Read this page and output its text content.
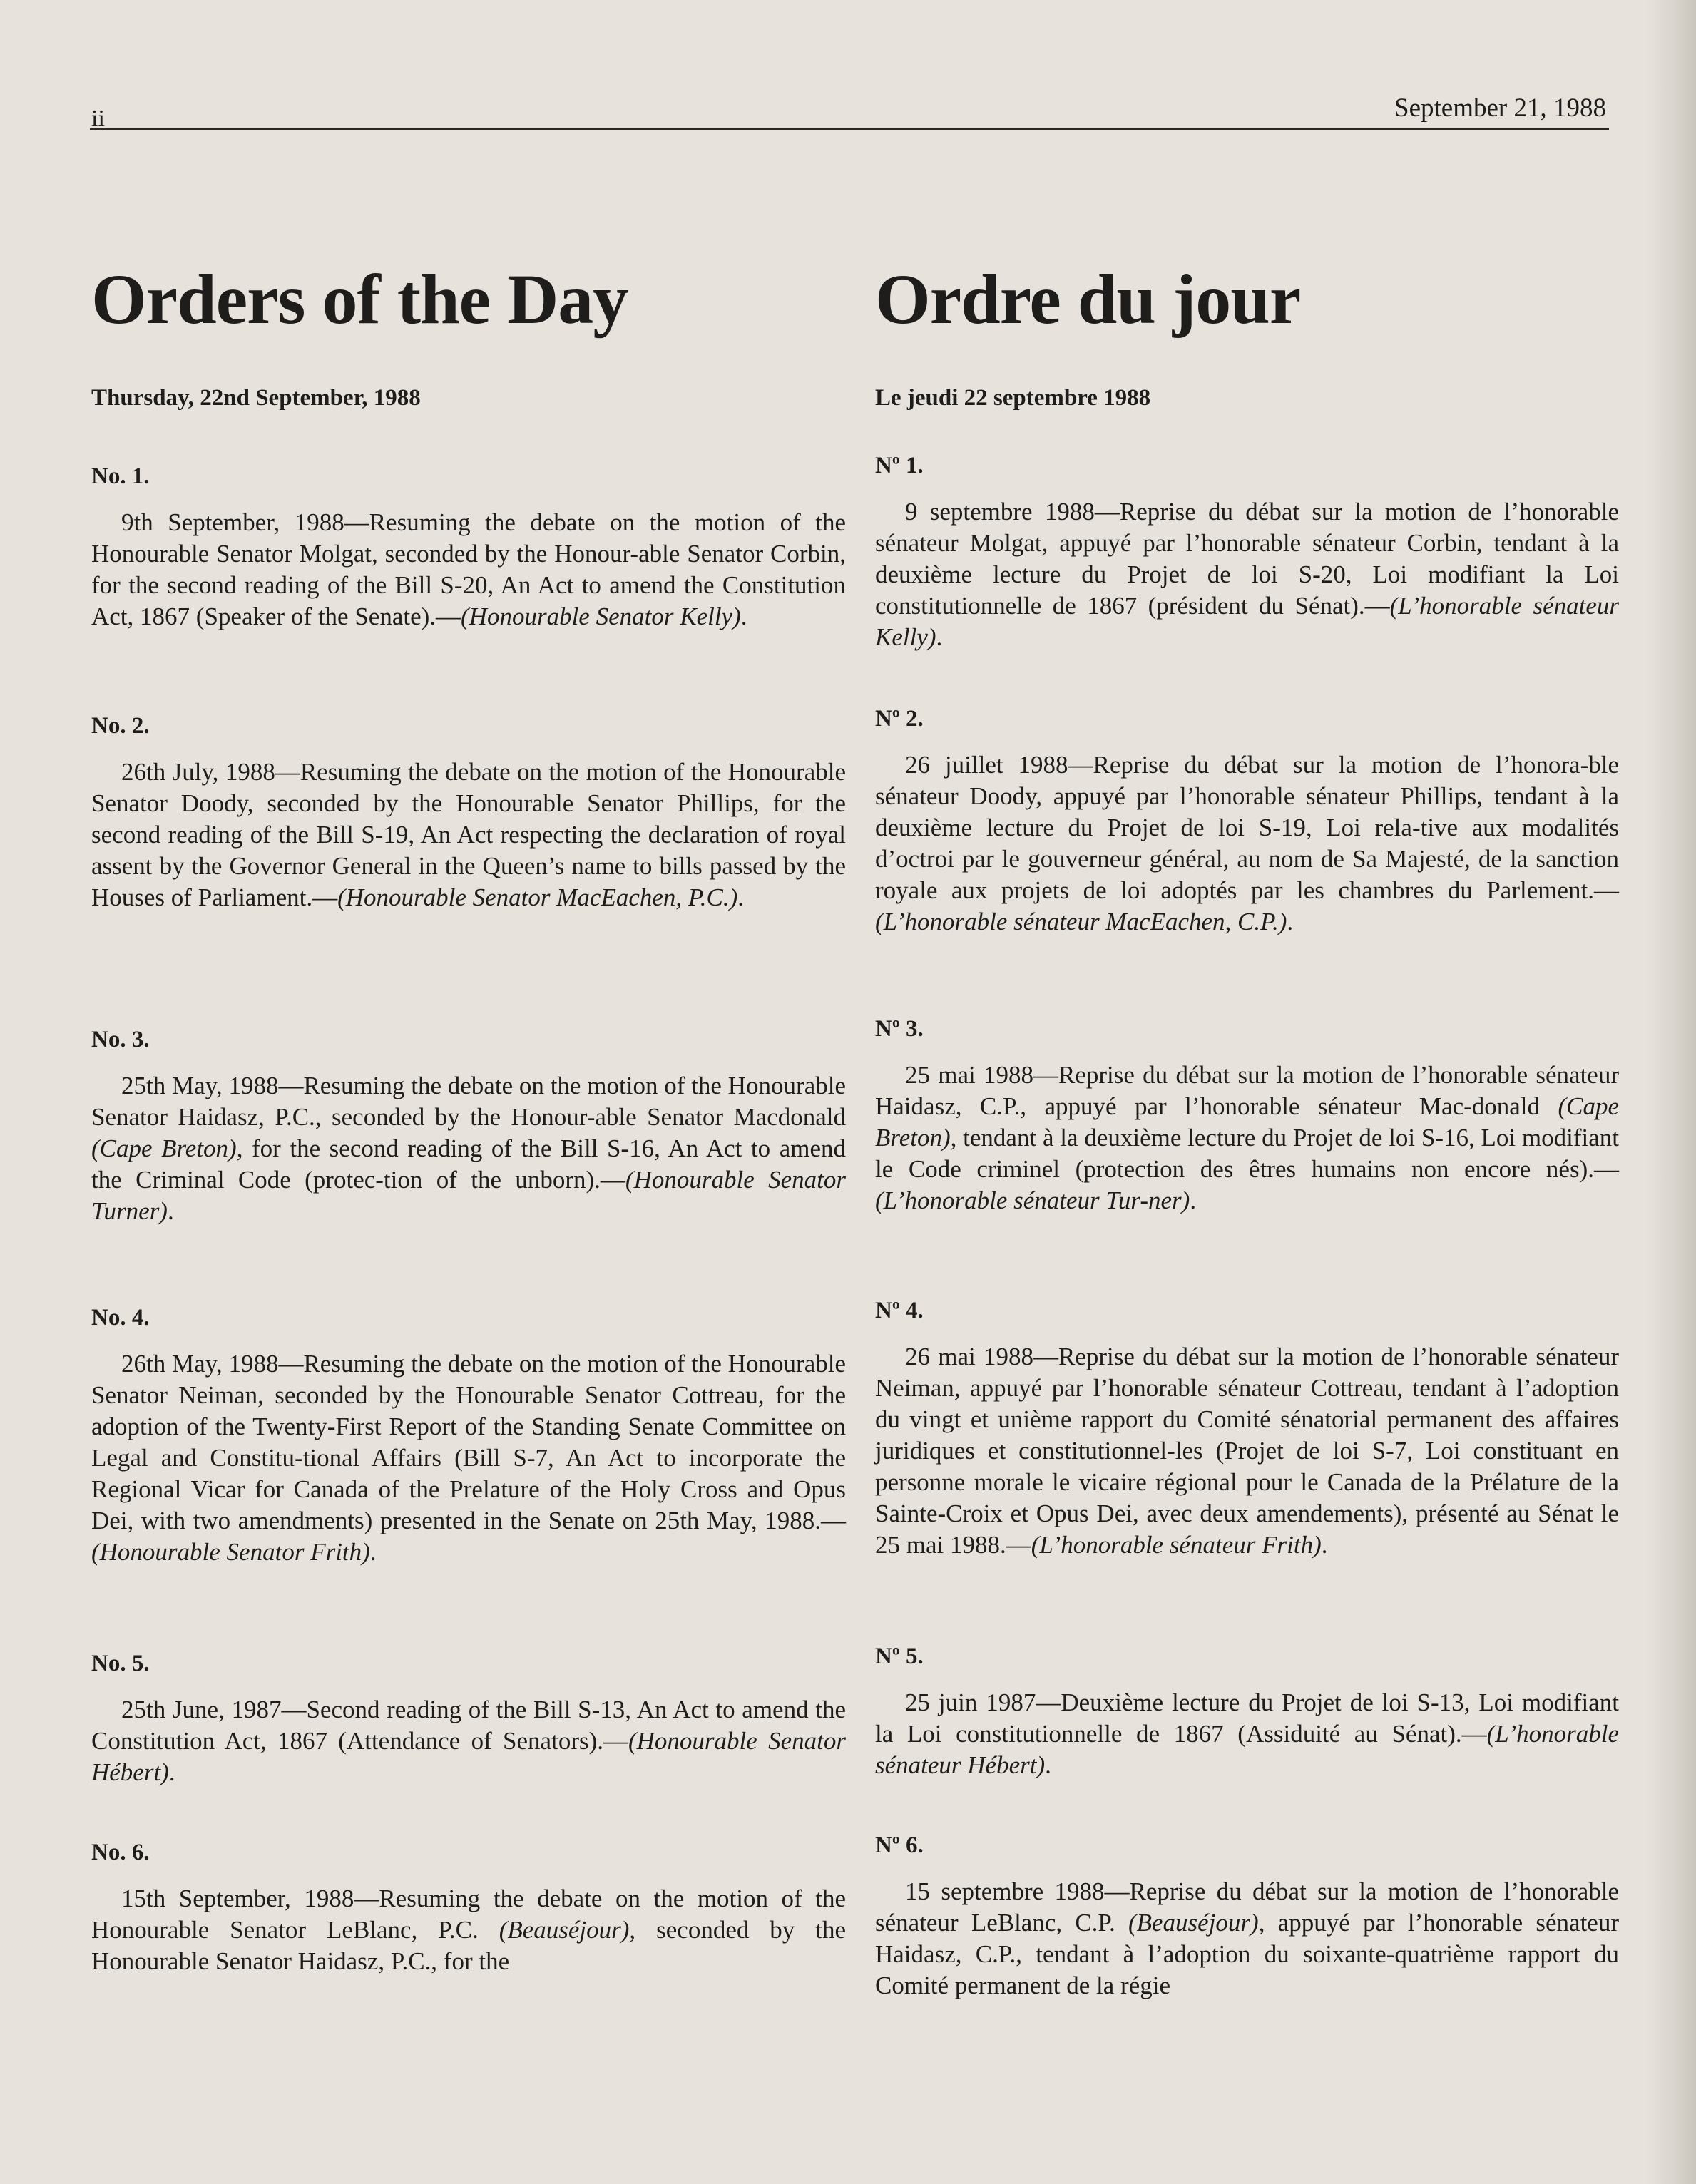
ii	September 21, 1988
Orders of the Day

Thursday, 22nd September, 1988

No. 1.

9th September, 1988—Resuming the debate on the motion of the Honourable Senator Molgat, seconded by the Honour-able Senator Corbin, for the second reading of the Bill S-20, An Act to amend the Constitution Act, 1867 (Speaker of the Senate).—(Honourable Senator Kelly).

No. 2.

26th July, 1988—Resuming the debate on the motion of the Honourable Senator Doody, seconded by the Honourable Senator Phillips, for the second reading of the Bill S-19, An Act respecting the declaration of royal assent by the Governor General in the Queen’s name to bills passed by the Houses of Parliament.—(Honourable Senator MacEachen, P.C.).

No. 3.

25th May, 1988—Resuming the debate on the motion of the Honourable Senator Haidasz, P.C., seconded by the Honour-able Senator Macdonald (Cape Breton), for the second reading of the Bill S-16, An Act to amend the Criminal Code (protec-tion of the unborn).—(Honourable Senator Turner).

No. 4.

26th May, 1988—Resuming the debate on the motion of the Honourable Senator Neiman, seconded by the Honourable Senator Cottreau, for the adoption of the Twenty-First Report of the Standing Senate Committee on Legal and Constitu-tional Affairs (Bill S-7, An Act to incorporate the Regional Vicar for Canada of the Prelature of the Holy Cross and Opus Dei, with two amendments) presented in the Senate on 25th May, 1988.—(Honourable Senator Frith).

No. 5.

25th June, 1987—Second reading of the Bill S-13, An Act to amend the Constitution Act, 1867 (Attendance of Senators).—(Honourable Senator Hébert).

No. 6.

15th September, 1988—Resuming the debate on the motion of the Honourable Senator LeBlanc, P.C. (Beauséjour), seconded by the Honourable Senator Haidasz, P.C., for the

Ordre du jour

Le jeudi 22 septembre 1988

Nº 1.

9 septembre 1988—Reprise du débat sur la motion de l’honorable sénateur Molgat, appuyé par l’honorable sénateur Corbin, tendant à la deuxième lecture du Projet de loi S-20, Loi modifiant la Loi constitutionnelle de 1867 (président du Sénat).—(L’honorable sénateur Kelly).

Nº 2.

26 juillet 1988—Reprise du débat sur la motion de l’honora-ble sénateur Doody, appuyé par l’honorable sénateur Phillips, tendant à la deuxième lecture du Projet de loi S-19, Loi rela-tive aux modalités d’octroi par le gouverneur général, au nom de Sa Majesté, de la sanction royale aux projets de loi adoptés par les chambres du Parlement.—(L’honorable sénateur MacEachen, C.P.).

Nº 3.

25 mai 1988—Reprise du débat sur la motion de l’honorable sénateur Haidasz, C.P., appuyé par l’honorable sénateur Mac-donald (Cape Breton), tendant à la deuxième lecture du Projet de loi S-16, Loi modifiant le Code criminel (protection des êtres humains non encore nés).—(L’honorable sénateur Tur-ner).

Nº 4.

26 mai 1988—Reprise du débat sur la motion de l’honorable sénateur Neiman, appuyé par l’honorable sénateur Cottreau, tendant à l’adoption du vingt et unième rapport du Comité sénatorial permanent des affaires juridiques et constitutionnel-les (Projet de loi S-7, Loi constituant en personne morale le vicaire régional pour le Canada de la Prélature de la Sainte-Croix et Opus Dei, avec deux amendements), présenté au Sénat le 25 mai 1988.—(L’honorable sénateur Frith).

Nº 5.

25 juin 1987—Deuxième lecture du Projet de loi S-13, Loi modifiant la Loi constitutionnelle de 1867 (Assiduité au Sénat).—(L’honorable sénateur Hébert).

Nº 6.

15 septembre 1988—Reprise du débat sur la motion de l’honorable sénateur LeBlanc, C.P. (Beauséjour), appuyé par l’honorable sénateur Haidasz, C.P., tendant à l’adoption du soixante-quatrième rapport du Comité permanent de la régie
